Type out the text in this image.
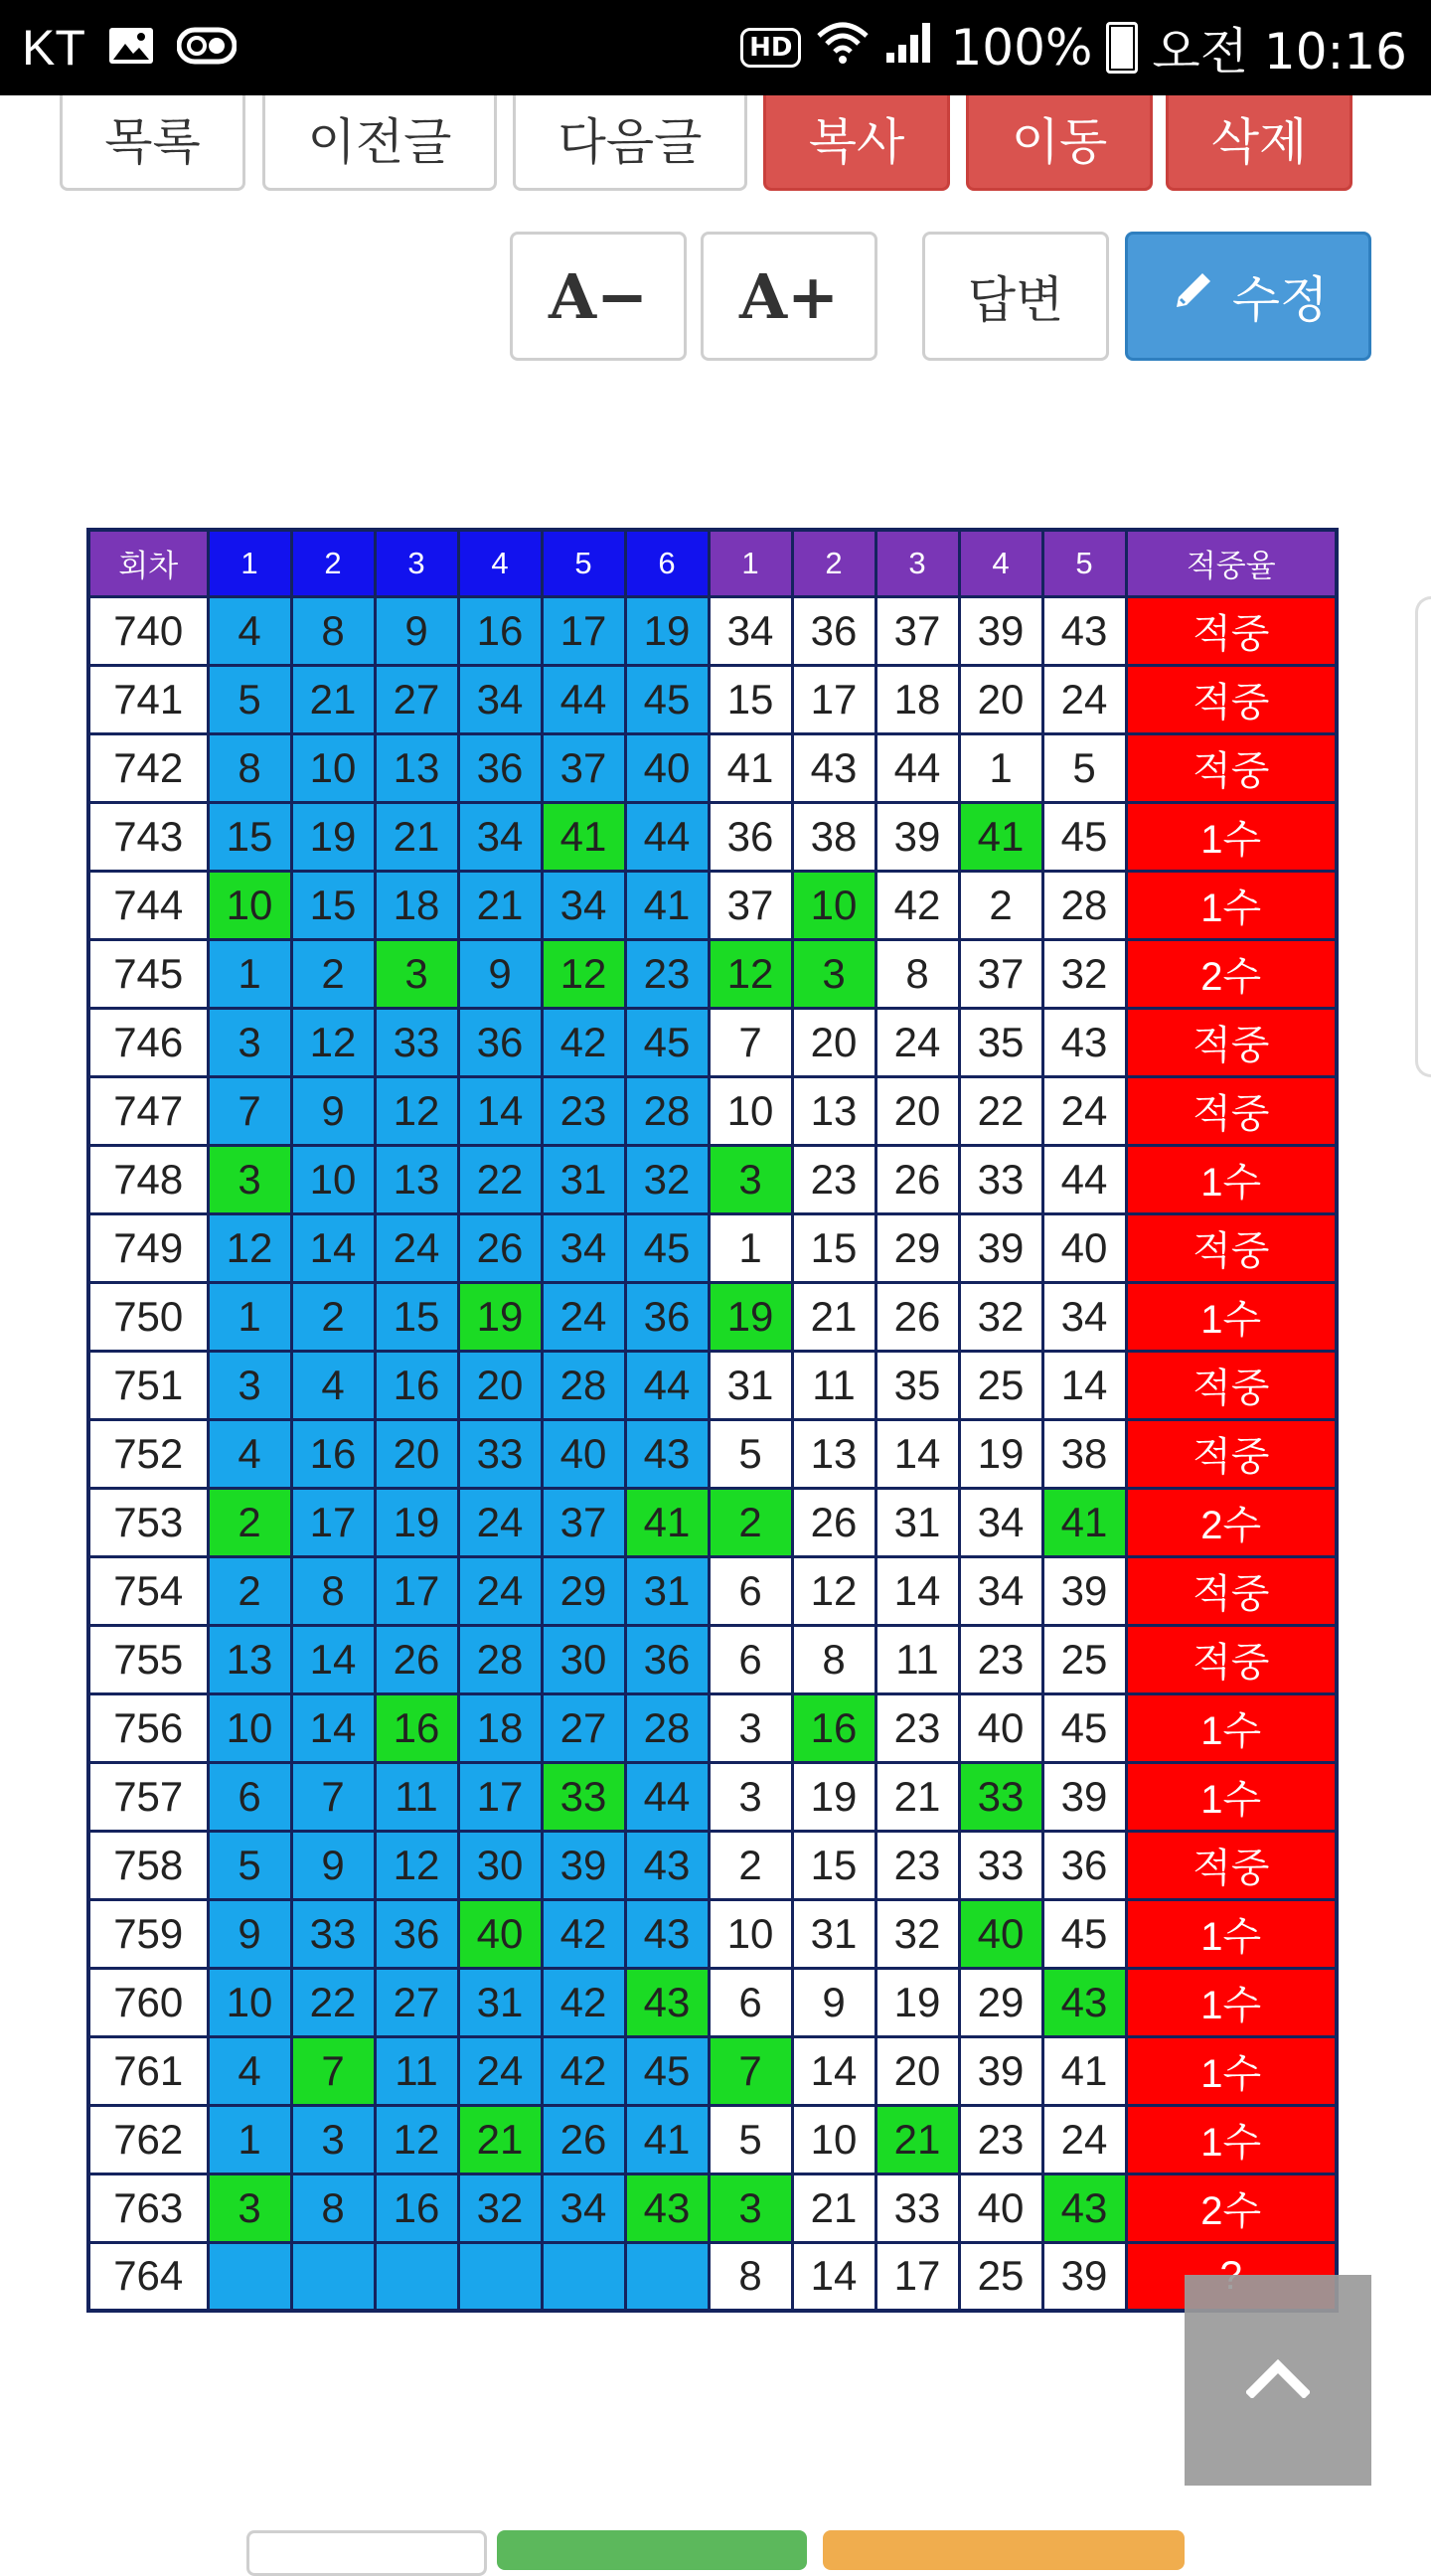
KT	HD	100% 오전 10:16
목록 이전글 다음글 복사 이동 삭제
A− A+	답변	수정
회차	1	2	3	4	5	6	1	2	3	4	5	적중율
740	4	8	9	16	17	19	34	36	37	39	43	적중
741	5	21	27	34	44	45	15	17	18	20	24	적중
742	8	10	13	36	37	40	41	43	44	1	5	적중
743	15	19	21	34	41	44	36	38	39	41	45	1수
744	10	15	18	21	34	41	37	10	42	2	28	1수
745	1	2	3	9	12	23	12	3	8	37	32	2수
746	3	12	33	36	42	45	7	20	24	35	43	적중
747	7	9	12	14	23	28	10	13	20	22	24	적중
748	3	10	13	22	31	32	3	23	26	33	44	1수
749	12	14	24	26	34	45	1	15	29	39	40	적중
750	1	2	15	19	24	36	19	21	26	32	34	1수
751	3	4	16	20	28	44	31	11	35	25	14	적중
752	4	16	20	33	40	43	5	13	14	19	38	적중
753	2	17	19	24	37	41	2	26	31	34	41	2수
754	2	8	17	24	29	31	6	12	14	34	39	적중
755	13	14	26	28	30	36	6	8	11	23	25	적중
756	10	14	16	18	27	28	3	16	23	40	45	1수
757	6	7	11	17	33	44	3	19	21	33	39	1수
758	5	9	12	30	39	43	2	15	23	33	36	적중
759	9	33	36	40	42	43	10	31	32	40	45	1수
760	10	22	27	31	42	43	6	9	19	29	43	1수
761	4	7	11	24	42	45	7	14	20	39	41	1수
762	1	3	12	21	26	41	5	10	21	23	24	1수
763	3	8	16	32	34	43	3	21	33	40	43	2수
764							8	14	17	25	39	
